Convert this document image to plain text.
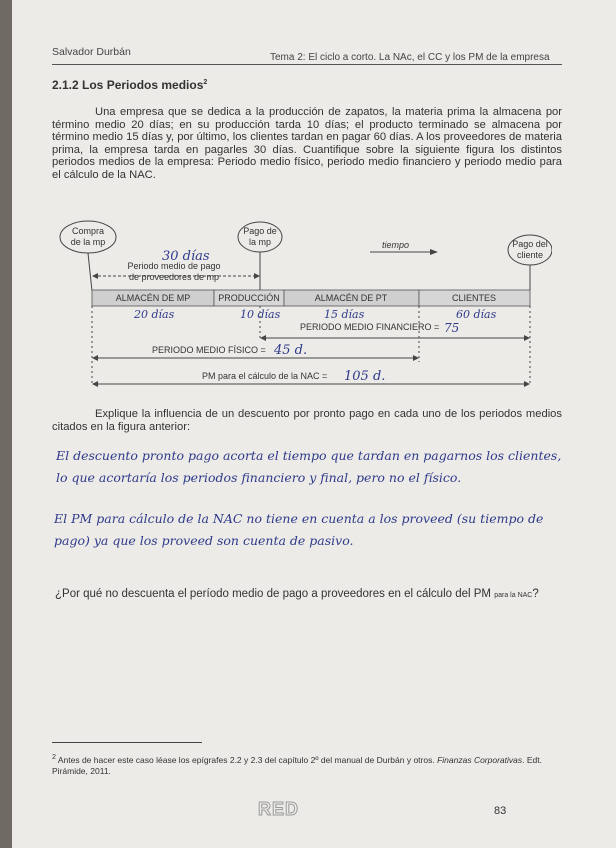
Salvador Durbán	Tema 2: El ciclo a corto. La NAc, el CC y los PM de la empresa
2.1.2 Los Periodos medios$^2$
Una empresa que se dedica a la producción de zapatos, la materia prima la almacena por término medio 20 días; en su producción tarda 10 días; el producto terminado se almacena por término medio 15 días y, por último, los clientes tardan en pagar 60 días. A los proveedores de materia prima, la empresa tarda en pagarles 30 días. Cuantifique sobre la siguiente figura los distintos periodos medios de la empresa: Periodo medio físico, periodo medio financiero y periodo medio para el cálculo de la NAC.
Compra
de la mp
Pago de
la mp	Pago del
cliente
tiempo
30 días
Periodo medio de pago
de proveedores de mp
ALMACÉN DE MP	PRODUCCIÓN	ALMACÉN DE PT	CLIENTES
20 días	10 días	15 días	60 días
PERIODO MEDIO FINANCIERO = 75
PERIODO MEDIO FÍSICO = 45 d.
PM para el cálculo de la NAC = 105 d.
Explique la influencia de un descuento por pronto pago en cada uno de los periodos medios citados en la figura anterior:
El descuento pronto pago acorta el tiempo que tardan en pagarnos los clientes, lo que acortaría los periodos financiero y final, pero no el físico.
El PM para cálculo de la NAC no tiene en cuenta a los proveed (su tiempo de pago) ya que los proveed son cuenta de pasivo.
¿Por qué no descuenta el período medio de pago a proveedores en el cálculo del PM para la NAC?
$^2$ Antes de hacer este caso léase los epígrafes 2.2 y 2.3 del capítulo 2º del manual de Durbán y otros. Finanzas Corporativas. Edt. Pirámide, 2011.
RED	83
